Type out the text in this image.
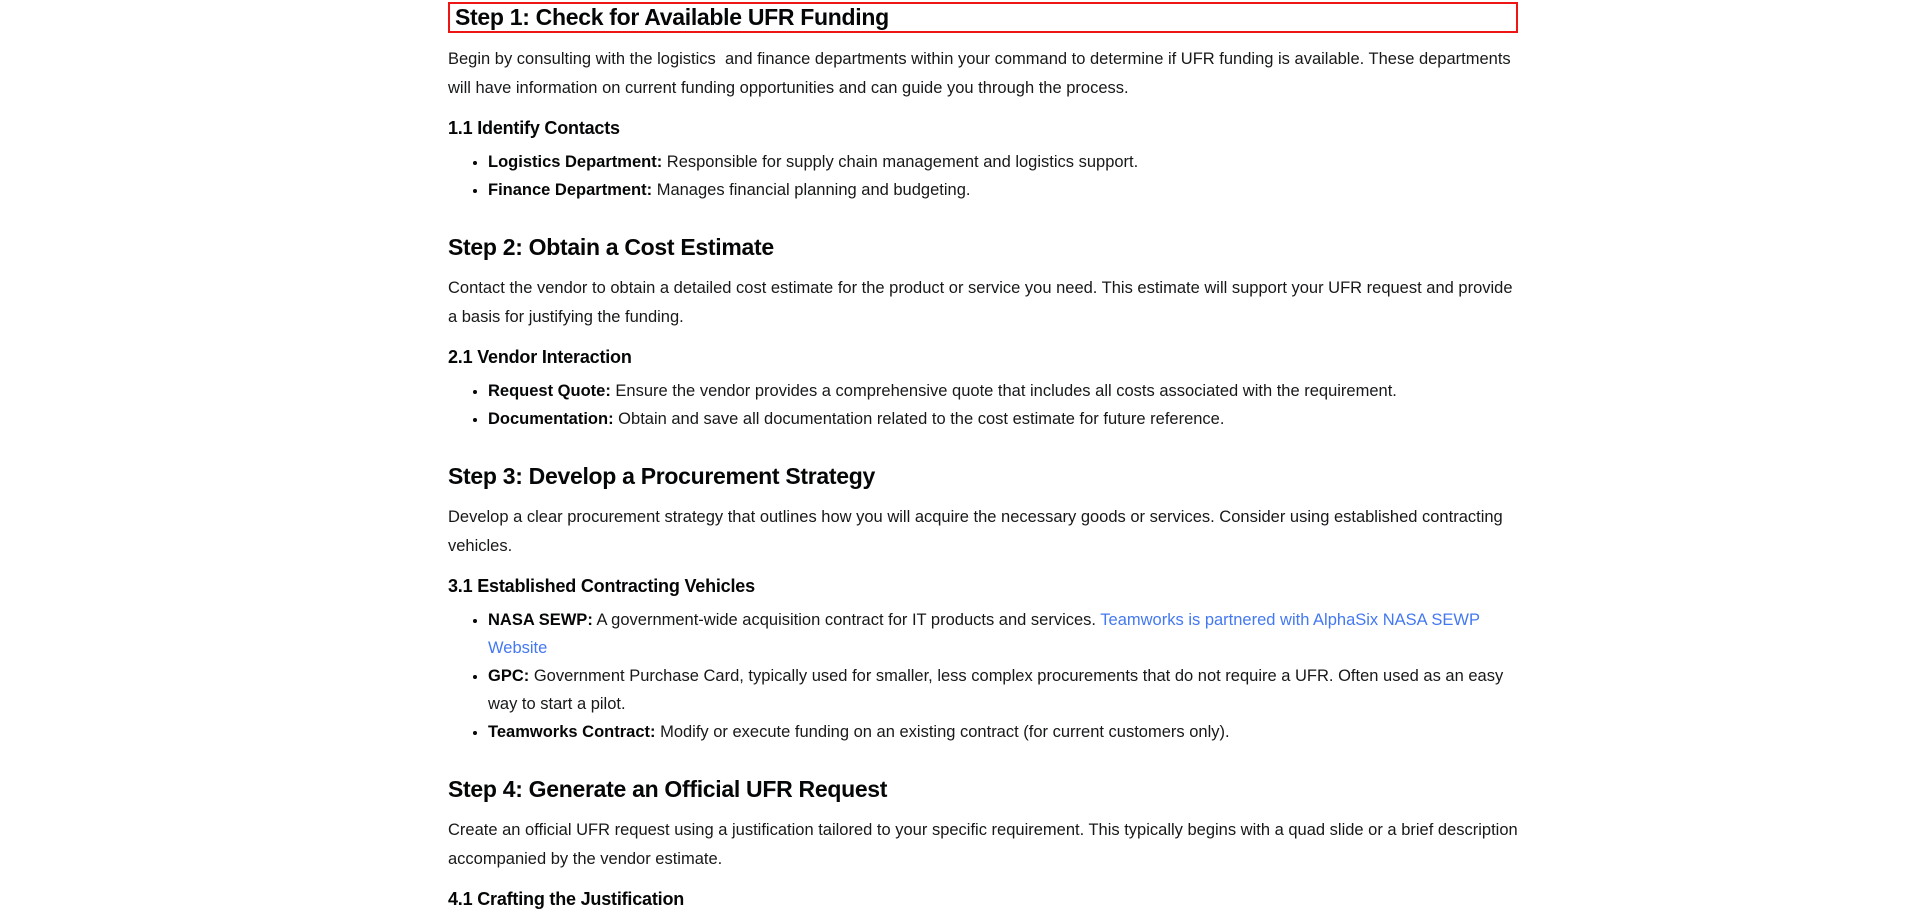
Step 1: Check for Available UFR Funding

Begin by consulting with the logistics  and finance departments within your command to determine if UFR funding is available. These departments will have information on current funding opportunities and can guide you through the process.

1.1 Identify Contacts
• Logistics Department: Responsible for supply chain management and logistics support.
• Finance Department: Manages financial planning and budgeting.
Step 2: Obtain a Cost Estimate

Contact the vendor to obtain a detailed cost estimate for the product or service you need. This estimate will support your UFR request and provide a basis for justifying the funding.

2.1 Vendor Interaction
• Request Quote: Ensure the vendor provides a comprehensive quote that includes all costs associated with the requirement.
• Documentation: Obtain and save all documentation related to the cost estimate for future reference.
Step 3: Develop a Procurement Strategy

Develop a clear procurement strategy that outlines how you will acquire the necessary goods or services. Consider using established contracting vehicles.

3.1 Established Contracting Vehicles
• NASA SEWP: A government-wide acquisition contract for IT products and services. Teamworks is partnered with AlphaSix NASA SEWP Website
• GPC: Government Purchase Card, typically used for smaller, less complex procurements that do not require a UFR. Often used as an easy way to start a pilot.
• Teamworks Contract: Modify or execute funding on an existing contract (for current customers only).
Step 4: Generate an Official UFR Request

Create an official UFR request using a justification tailored to your specific requirement. This typically begins with a quad slide or a brief description accompanied by the vendor estimate.

4.1 Crafting the Justification
